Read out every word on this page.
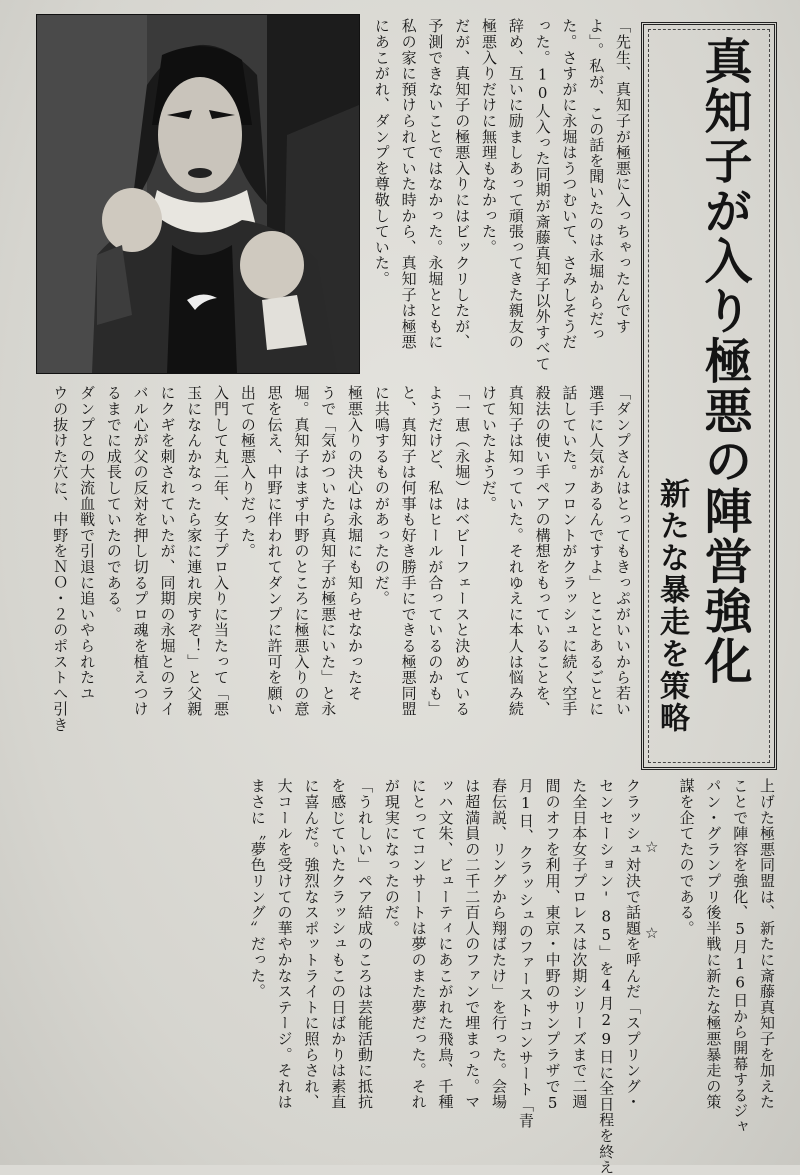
「先生、真知子が極悪に入っちゃったんです
よ」。私が、この話を聞いたのは永堀からだっ
た。さすがに永堀はうつむいて、さみしそうだ
った。10人入った同期が斎藤真知子以外すべて
辞め、互いに励ましあって頑張ってきた親友の
極悪入りだけに無理もなかった。
だが、真知子の極悪入りにはビックリしたが、
予測できないことではなかった。永堀とともに
私の家に預けられていた時から、真知子は極悪
にあこがれ、ダンプを尊敬していた。	真知子が入り極悪の陣営強化
新たな暴走を策略
「ダンプさんはとってもきっぷがいいから若い
選手に人気があるんですよ」とことあるごとに
話していた。フロントがクラッシュに続く空手
殺法の使い手ペアの構想をもっていることを、
真知子は知っていた。それゆえに本人は悩み続
けていたようだ。
「一恵（永堀）はベビーフェースと決めている
ようだけど、私はヒールが合っているのかも」
と、真知子は何事も好き勝手にできる極悪同盟
に共鳴するものがあったのだ。
極悪入りの決心は永堀にも知らせなかったそ
うで「気がついたら真知子が極悪にいた」と永
堀。真知子はまず中野のところに極悪入りの意
思を伝え、中野に伴われてダンプに許可を願い
出ての極悪入りだった。
入門して丸二年、女子プロ入りに当たって「悪
玉になんかなったら家に連れ戻すぞ！」と父親
にクギを刺されていたが、同期の永堀とのライ
バル心が父の反対を押し切るプロ魂を植えつけ
るまでに成長していたのである。
ダンプとの大流血戦で引退に追いやられたユ
ウの抜けた穴に、中野をＮＯ・２のポストへ引き
上げた極悪同盟は、新たに斎藤真知子を加えた
ことで陣容を強化、5月16日から開幕するジャ
パン・グランプリ後半戦に新たな極悪暴走の策
謀を企てたのである。

クラッシュ対決で話題を呼んだ「スプリング・
センセーション'85」を4月29日に全日程を終え
た全日本女子プロレスは次期シリーズまで二週
間のオフを利用、東京・中野のサンプラザで5
月1日、クラッシュのファーストコンサート「青
春伝説、リングから翔ばたけ」を行った。会場
は超満員の二千二百人のファンで埋まった。マ
ッハ文朱、ビューティにあこがれた飛鳥、千種
にとってコンサートは夢のまた夢だった。それ
が現実になったのだ。
「うれしい」ペア結成のころは芸能活動に抵抗
を感じていたクラッシュもこの日ばかりは素直
に喜んだ。強烈なスポットライトに照らされ、
大コールを受けての華やかなステージ。それは
まさに〝夢色リング〟だった。	☆
☆
